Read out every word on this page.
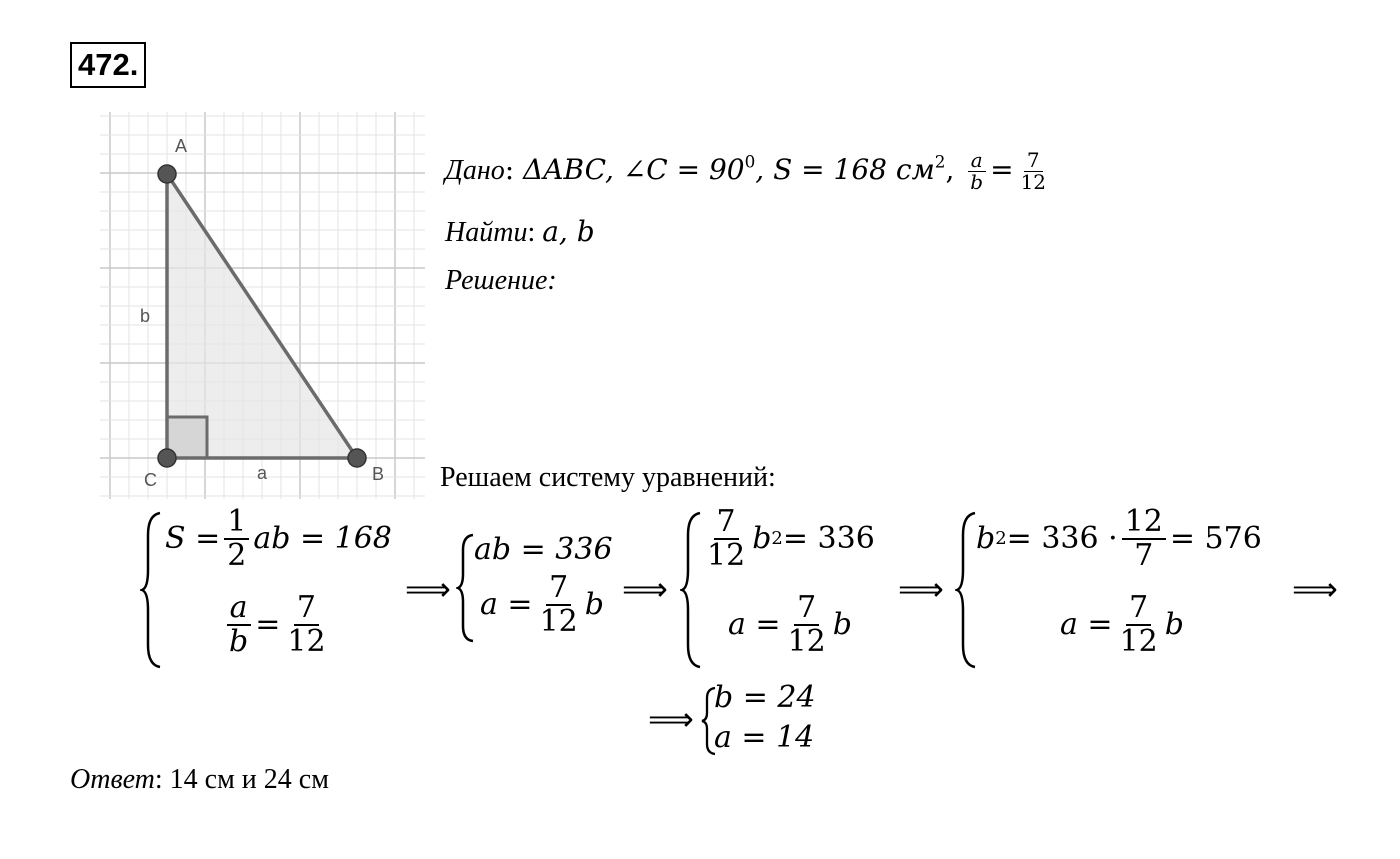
472.
A
C	B
b
a
Дано: ΔABC, ∠C = $90^0$, S = 168 $см^2$, $\frac{a}{b} = \frac{7}{12}$
Найти: a, b
Решение:
Решаем систему уравнений:
$S = \frac{1}{2}$ ab = 168
$\frac{a}{b} = \frac{7}{12}$
⟹
ab = 336
$a = \frac{7}{12}$ b ⟹
$\frac{7}{12}$ b 2 = 336
$a = \frac{7}{12}$ b
⟹
b $2 = 336 \cdot \frac{12}{7} = 576$
$a = \frac{7}{12}$ b
⟹
⟹
b = 24
a = 14
Ответ: 14 см и 24 см
